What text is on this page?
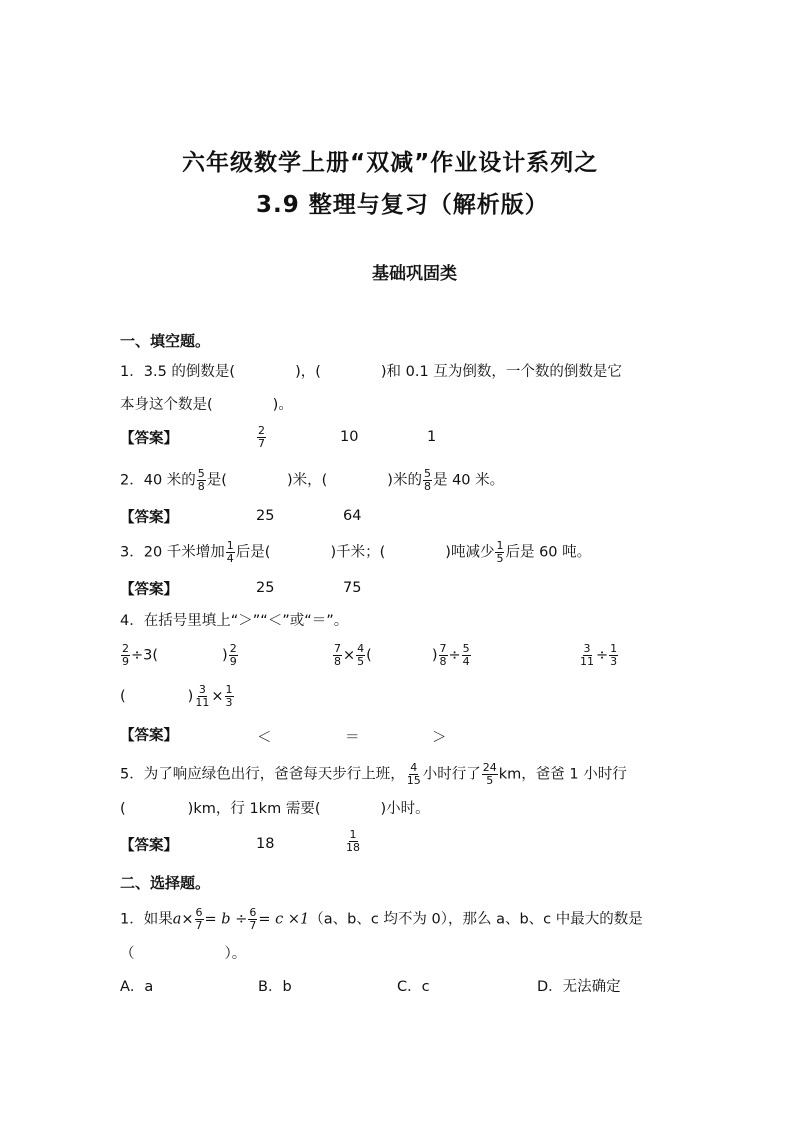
六年级数学上册“双减”作业设计系列之
3.9 整理与复习（解析版）
基础巩固类
一、填空题。
1．3.5 的倒数是(	)，(	)和 0.1 互为倒数，一个数的倒数是它
本身这个数是(	)。
【答案】	$\frac{2}{7}$	10	1
2．40 米的 $\frac{5}{8}$ 是(	)米，(	)米的 $\frac{5}{8}$ 是 40 米。
【答案】	25	64
3．20 千米增加 $\frac{1}{4}$ 后是(	)千米；(	)吨减少 $\frac{1}{5}$ 后是 60 吨。
【答案】	25	75
4．在括号里填上“＞”“＜”或“＝”。
$\frac{2}{9} \div 3$(	) $\frac{2}{9}$	$\frac{7}{8} \times \frac{4}{5}$ (	) $\frac{7}{8} \div \frac{5}{4}$	$\frac{3}{11} \div \frac{1}{3}$
(	) $\frac{3}{11} \times \frac{1}{3}$
【答案】	＜	＝	＞
5．为了响应绿色出行，爸爸每天步行上班， $\frac{4}{15}$ 小时行了 $\frac{24}{5}$ km，爸爸 1 小时行
(	)km，行 1km 需要(	)小时。
【答案】	18	$\frac{1}{18}$
二、选择题。
1．如果$a\times \frac{6}{7} = b \div \frac{6}{7} = c \times 1(a$、b、c 均不为 0），那么 a、b、c 中最大的数是
（	）。
A．a	B．b	C．c	D．无法确定
